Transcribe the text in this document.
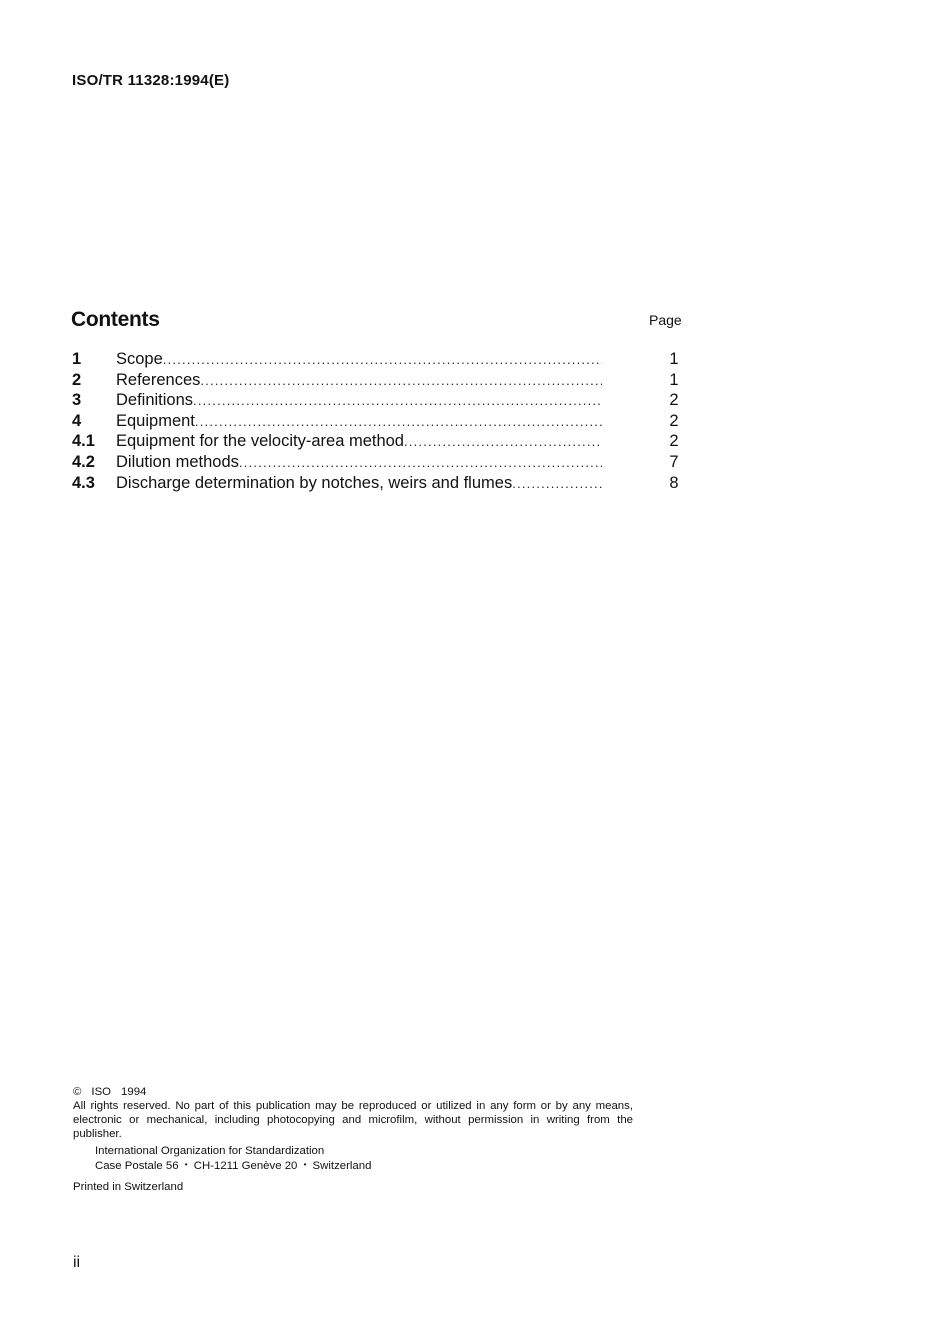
ISO/TR 11328:1994(E)
Contents	Page
1	Scope .....	1
2	References .....	1
3	Definitions .....	2
4	Equipment .....	2
4.1	Equipment for the velocity-area method .....	2
4.2	Dilution methods .....	7
4.3	Discharge determination by notches, weirs and flumes .....	8
© ISO 1994
All rights reserved. No part of this publication may be reproduced or utilized in any form or by any means, electronic or mechanical, including photocopying and microfilm, without permission in writing from the publisher.
International Organization for Standardization
Case Postale 56 • CH-1211 Genève 20 • Switzerland
Printed in Switzerland
ii
